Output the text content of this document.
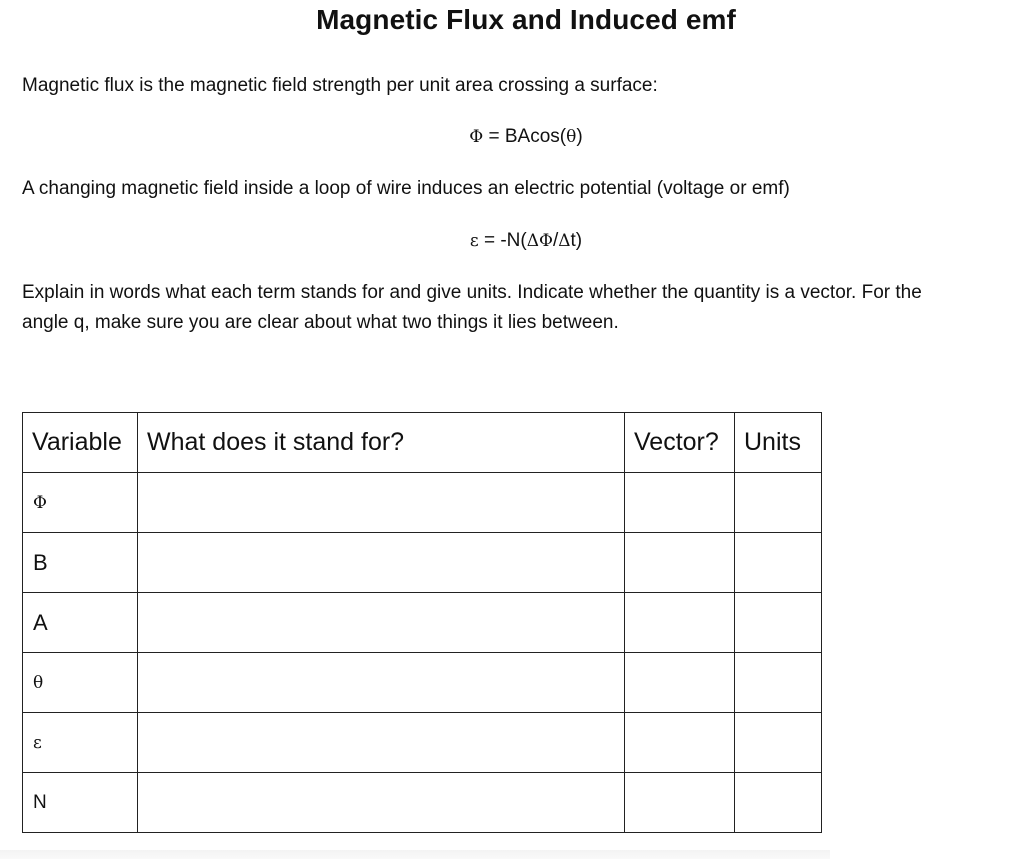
Magnetic Flux and Induced emf
Magnetic flux is the magnetic field strength per unit area crossing a surface:
Φ = BAcos(θ)
A changing magnetic field inside a loop of wire induces an electric potential (voltage or emf)
ε = -N(ΔΦ/Δt)
Explain in words what each term stands for and give units. Indicate whether the quantity is a vector. For the
angle q, make sure you are clear about what two things it lies between.
Variable	What does it stand for?	Vector?	Units
Φ			
B			
A			
θ			
ε			
N			
